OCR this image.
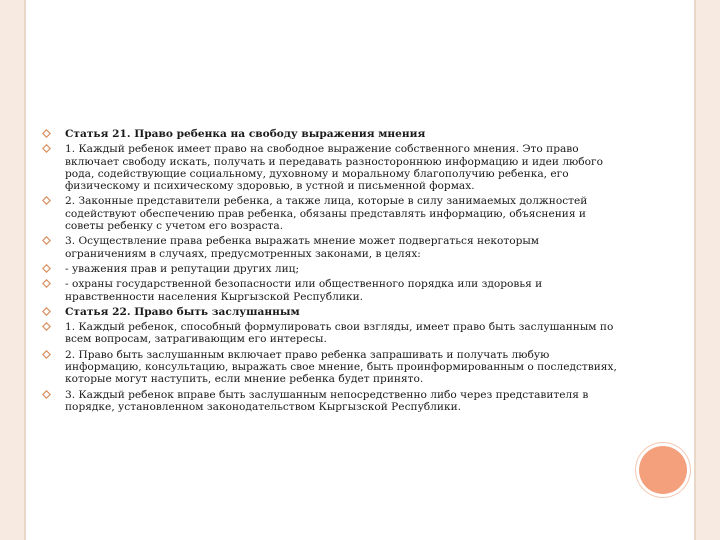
Статья 21. Право ребенка на свободу выражения мнения
1. Каждый ребенок имеет право на свободное выражение собственного мнения. Это право включает свободу искать, получать и передавать разностороннюю информацию и идеи любого рода, содействующие социальному, духовному и моральному благополучию ребенка, его физическому и психическому здоровью, в устной и письменной формах.
2. Законные представители ребенка, а также лица, которые в силу занимаемых должностей содействуют обеспечению прав ребенка, обязаны представлять информацию, объяснения и советы ребенку с учетом его возраста.
3. Осуществление права ребенка выражать мнение может подвергаться некоторым ограничениям в случаях, предусмотренных законами, в целях:
- уважения прав и репутации других лиц;
- охраны государственной безопасности или общественного порядка или здоровья и нравственности населения Кыргызской Республики.
Статья 22. Право быть заслушанным
1. Каждый ребенок, способный формулировать свои взгляды, имеет право быть заслушанным по всем вопросам, затрагивающим его интересы.
2. Право быть заслушанным включает право ребенка запрашивать и получать любую информацию, консультацию, выражать свое мнение, быть проинформированным о последствиях, которые могут наступить, если мнение ребенка будет принято.
3. Каждый ребенок вправе быть заслушанным непосредственно либо через представителя в порядке, установленном законодательством Кыргызской Республики.
